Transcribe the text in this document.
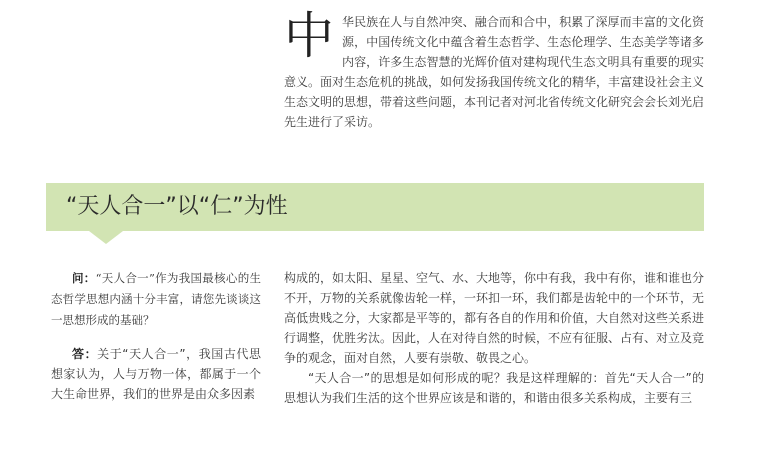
中 华民族在人与自然冲突、融合而和合中，积累了深厚而丰富的文化资源，中国传统文化中蕴含着生态哲学、生态伦理学、生态美学等诸多内容，许多生态智慧的光辉价值对建构现代生态文明具有重要的现实意义。面对生态危机的挑战，如何发扬我国传统文化的精华，丰富建设社会主义生态文明的思想，带着这些问题，本刊记者对河北省传统文化研究会会长刘光启先生进行了采访。
“天人合一”以“仁”为性

问：“天人合一”作为我国最核心的生态哲学思想内涵十分丰富，请您先谈谈这一思想形成的基础？

答：关于“天人合一”，我国古代思想家认为，人与万物一体，都属于一个大生命世界，我们的世界是由众多因素

构成的，如太阳、星星、空气、水、大地等，你中有我，我中有你，谁和谁也分不开，万物的关系就像齿轮一样，一环扣一环，我们都是齿轮中的一个环节，无高低贵贱之分，大家都是平等的，都有各自的作用和价值，大自然对这些关系进行调整，优胜劣汰。因此，人在对待自然的时候，不应有征服、占有、对立及竞争的观念，面对自然，人要有崇敬、敬畏之心。

“天人合一”的思想是如何形成的呢？我是这样理解的：首先“天人合一”的思想认为我们生活的这个世界应该是和谐的，和谐由很多关系构成，主要有三
